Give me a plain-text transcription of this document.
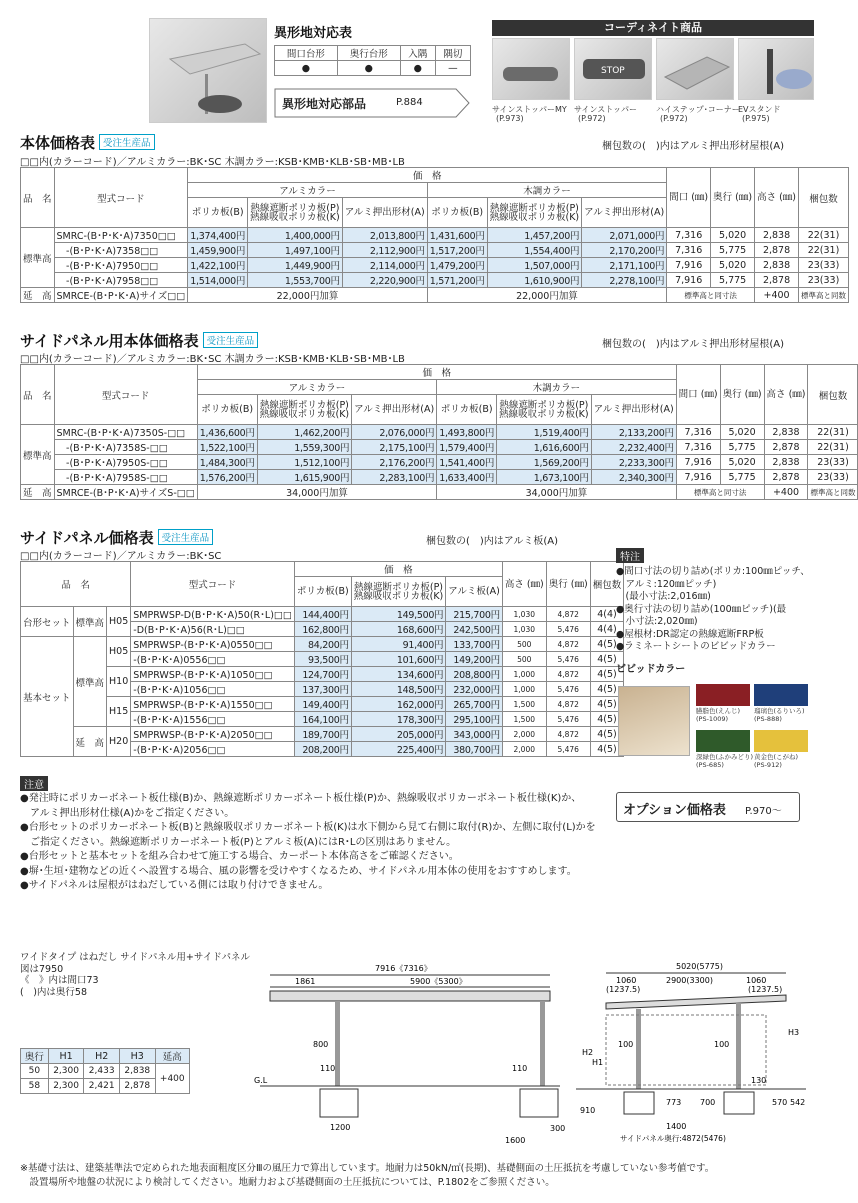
異形地対応表
間口台形	奥行台形	入隅	隅切
●	●	●	—
異形地対応部品	P.884
コーディネイト商品
STOP
サインストッパーMY
(P.973)
サインストッパー
(P.972)
ハイステップ･コーナー
(P.972)
EVスタンド
(P.975)
本体価格表 受注生産品	梱包数の(　)内はアルミ押出形材屋根(A)
□□内(カラーコード)／アルミカラー:BK･SC 木調カラー:KSB･KMB･KLB･SB･MB･LB
品　名	型式コード	価　格						間口 (㎜)	奥行 (㎜)	高さ (㎜)	梱包数
		アルミカラー			木調カラー						
		ポリカ板(B)	熱線遮断ポリカ板(P)
熱線吸収ポリカ板(K)	アルミ押出形材(A)	ポリカ板(B)	熱線遮断ポリカ板(P)
熱線吸収ポリカ板(K)	アルミ押出形材(A)				
標準高	SMRC-(B･P･K･A)7350□□	1,374,400円	1,400,000円	2,013,800円	1,431,600円	1,457,200円	2,071,000円	7,316	5,020	2,838	22(31)
	　-(B･P･K･A)7358□□	1,459,900円	1,497,100円	2,112,900円	1,517,200円	1,554,400円	2,170,200円	7,316	5,775	2,878	22(31)
	　-(B･P･K･A)7950□□	1,422,100円	1,449,900円	2,114,000円	1,479,200円	1,507,000円	2,171,100円	7,916	5,020	2,838	23(33)
	　-(B･P･K･A)7958□□	1,514,000円	1,553,700円	2,220,900円	1,571,200円	1,610,900円	2,278,100円	7,916	5,775	2,878	23(33)
延　高	SMRCE-(B･P･K･A)サイズ□□	22,000円加算			22,000円加算			標準高と同寸法		+400	標準高と同数
サイドパネル用本体価格表 受注生産品	梱包数の(　)内はアルミ押出形材屋根(A)
□□内(カラーコード)／アルミカラー:BK･SC 木調カラー:KSB･KMB･KLB･SB･MB･LB
品　名	型式コード	価　格						間口 (㎜)	奥行 (㎜)	高さ (㎜)	梱包数
		アルミカラー			木調カラー						
		ポリカ板(B)	熱線遮断ポリカ板(P)
熱線吸収ポリカ板(K)	アルミ押出形材(A)	ポリカ板(B)	熱線遮断ポリカ板(P)
熱線吸収ポリカ板(K)	アルミ押出形材(A)				
標準高	SMRC-(B･P･K･A)7350S-□□	1,436,600円	1,462,200円	2,076,000円	1,493,800円	1,519,400円	2,133,200円	7,316	5,020	2,838	22(31)
	　-(B･P･K･A)7358S-□□	1,522,100円	1,559,300円	2,175,100円	1,579,400円	1,616,600円	2,232,400円	7,316	5,775	2,878	22(31)
	　-(B･P･K･A)7950S-□□	1,484,300円	1,512,100円	2,176,200円	1,541,400円	1,569,200円	2,233,300円	7,916	5,020	2,838	23(33)
	　-(B･P･K･A)7958S-□□	1,576,200円	1,615,900円	2,283,100円	1,633,400円	1,673,100円	2,340,300円	7,916	5,775	2,878	23(33)
延　高	SMRCE-(B･P･K･A)サイズS-□□	34,000円加算			34,000円加算			標準高と同寸法		+400	標準高と同数
サイドパネル価格表 受注生産品	梱包数の(　)内はアルミ板(A)
□□内(カラーコード)／アルミカラー:BK･SC
品　名			型式コード	価　格			高さ (㎜)	奥行 (㎜)	梱包数
				ポリカ板(B)	熱線遮断ポリカ板(P)
熱線吸収ポリカ板(K)	アルミ板(A)			
台形セット	標準高	H05	SMPRWSP-D(B･P･K･A)50(R･L)□□	144,400円	149,500円	215,700円	1,030	4,872	4(4)
			-D(B･P･K･A)56(R･L)□□	162,800円	168,600円	242,500円	1,030	5,476	4(4)
基本セット	標準高	H05	SMPRWSP-(B･P･K･A)0550□□	84,200円	91,400円	133,700円	500	4,872	4(5)
			-(B･P･K･A)0556□□	93,500円	101,600円	149,200円	500	5,476	4(5)
		H10	SMPRWSP-(B･P･K･A)1050□□	124,700円	134,600円	208,800円	1,000	4,872	4(5)
			-(B･P･K･A)1056□□	137,300円	148,500円	232,000円	1,000	5,476	4(5)
		H15	SMPRWSP-(B･P･K･A)1550□□	149,400円	162,000円	265,700円	1,500	4,872	4(5)
			-(B･P･K･A)1556□□	164,100円	178,300円	295,100円	1,500	5,476	4(5)
	延　高	H20	SMPRWSP-(B･P･K･A)2050□□	189,700円	205,000円	343,000円	2,000	4,872	4(5)
			-(B･P･K･A)2056□□	208,200円	225,400円	380,700円	2,000	5,476	4(5)
特注
●間口寸法の切り詰め(ポリカ:100㎜ピッチ、
　アルミ:120㎜ピッチ)
　(最小寸法:2,016㎜)
●奥行寸法の切り詰め(100㎜ピッチ)(最
　小寸法:2,020㎜)
●屋根材:DR認定の熱線遮断FRP板
●ラミネートシートのビビッドカラー
ビビッドカラー
臙脂色(えんじ)
(PS-1009)
瑠璃色(るりいろ)
(PS-888)
深緑色(ふかみどり)
(PS-685)
黄金色(こがね)
(PS-912)
注意
●発注時にポリカーボネート板仕様(B)か、熱線遮断ポリカーボネート板仕様(P)か、熱線吸収ポリカーボネート板仕様(K)か、
　アルミ押出形材仕様(A)かをご指定ください。
●台形セットのポリカーボネート板(B)と熱線吸収ポリカーボネート板(K)は水下側から見て右側に取付(R)か、左側に取付(L)かを
　ご指定ください。熱線遮断ポリカーボネート板(P)とアルミ板(A)にはR･Lの区別はありません。
●台形セットと基本セットを組み合わせて施工する場合、カーポート本体高さをご確認ください。
●塀･生垣･建物などの近くへ設置する場合、風の影響を受けやすくなるため、サイドパネル用本体の使用をおすすめします。
●サイドパネルは屋根がはねだしている側には取り付けできません。
オプション価格表 P.970～
ワイドタイプ はねだし サイドパネル用+サイドパネル
図は7950
《　》内は間口73
(　)内は奥行58
奥行	H1	H2	H3	延高
50	2,300	2,433	2,838	+400
58	2,300	2,421	2,878	
7916《7316》
1861	5900《5300》
G.L
800
110	110
1200
1600
300
5020(5775)
1060	2900(3300)	1060
(1237.5)	(1237.5)
H2
H1
H3
100	100
130
910
773 700	570 542
1400
サイドパネル奥行:4872(5476)
※基礎寸法は、建築基準法で定められた地表面粗度区分Ⅲの風圧力で算出しています。地耐力は50kN/㎡(長期)、基礎側面の土圧抵抗を考慮していない参考値です。
　設置場所や地盤の状況により検討してください。地耐力および基礎側面の土圧抵抗については、P.1802をご参照ください。
